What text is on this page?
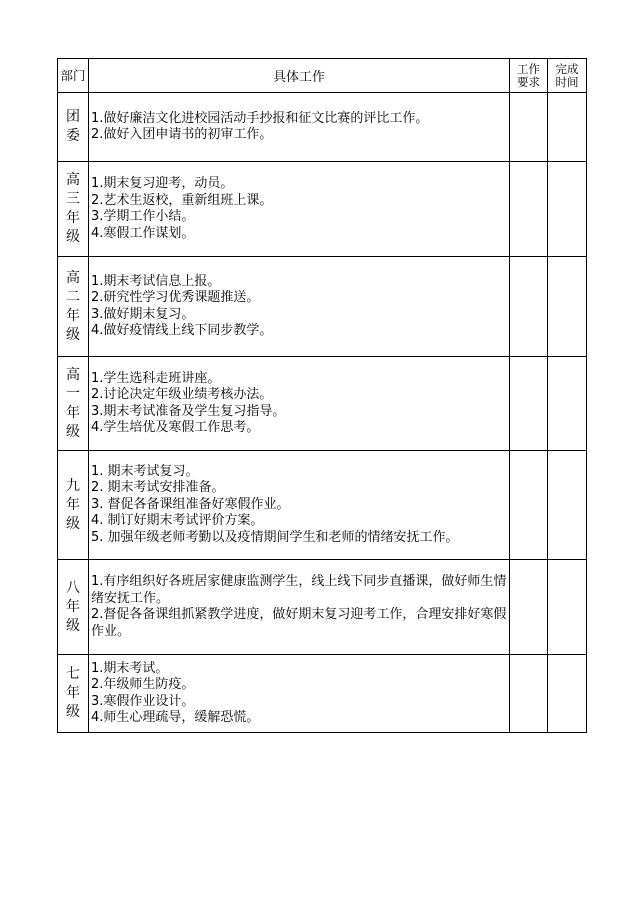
部门	具体工作	工作要求	完成时间
团委	1.做好廉洁文化进校园活动手抄报和征文比赛的评比工作。
2.做好入团申请书的初审工作。		

高三年级	1.期末复习迎考，动员。
2.艺术生返校，重新组班上课。
3.学期工作小结。
4.寒假工作谋划。		

高二年级	1.期末考试信息上报。
2.研究性学习优秀课题推送。
3.做好期末复习。
4.做好疫情线上线下同步教学。		

高一年级	1.学生选科走班讲座。
2.讨论决定年级业绩考核办法。
3.期末考试准备及学生复习指导。
4.学生培优及寒假工作思考。		

九年级	1. 期末考试复习。
2. 期末考试安排准备。
3. 督促各备课组准备好寒假作业。
4. 制订好期末考试评价方案。
5. 加强年级老师考勤以及疫情期间学生和老师的情绪安抚工作。		

八年级	1.有序组织好各班居家健康监测学生，线上线下同步直播课，做好师生情绪安抚工作。
2.督促各备课组抓紧教学进度，做好期末复习迎考工作，合理安排好寒假作业。		

七年级	1.期末考试。
2.年级师生防疫。
3.寒假作业设计。
4.师生心理疏导，缓解恐慌。		
